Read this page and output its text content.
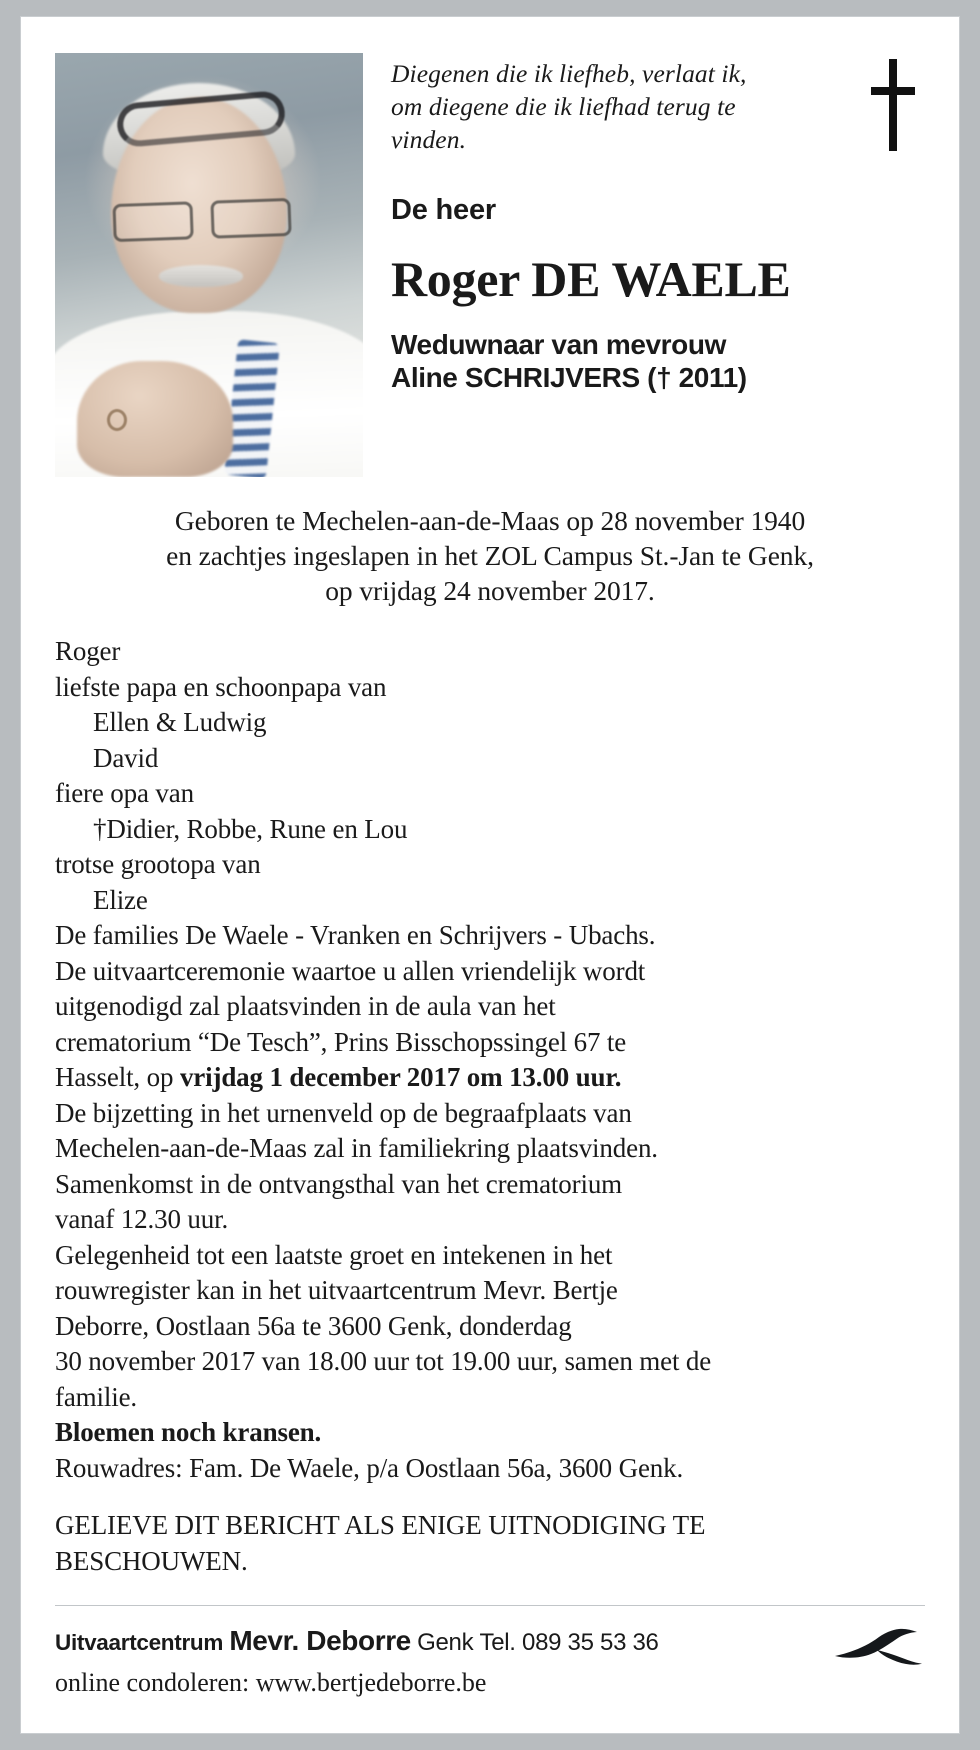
Diegenen die ik liefheb, verlaat ik, om diegene die ik liefhad terug te vinden.
De heer
Roger DE WAELE
Weduwnaar van mevrouw
Aline SCHRIJVERS († 2011)
Geboren te Mechelen-aan-de-Maas op 28 november 1940
en zachtjes ingeslapen in het ZOL Campus St.-Jan te Genk,
op vrijdag 24 november 2017.

Roger

liefste papa en schoonpapa van

Ellen & Ludwig

David

fiere opa van

†Didier, Robbe, Rune en Lou

trotse grootopa van

Elize

De families De Waele - Vranken en Schrijvers - Ubachs.

De uitvaartceremonie waartoe u allen vriendelijk wordt

uitgenodigd zal plaatsvinden in de aula van het

crematorium “De Tesch”, Prins Bisschopssingel 67 te

Hasselt, op vrijdag 1 december 2017 om 13.00 uur.

De bijzetting in het urnenveld op de begraafplaats van

Mechelen-aan-de-Maas zal in familiekring plaatsvinden.

Samenkomst in de ontvangsthal van het crematorium

vanaf 12.30 uur.

Gelegenheid tot een laatste groet en intekenen in het

rouwregister kan in het uitvaartcentrum Mevr. Bertje

Deborre, Oostlaan 56a te 3600 Genk, donderdag

30 november 2017 van 18.00 uur tot 19.00 uur, samen met de

familie.

Bloemen noch kransen.

Rouwadres: Fam. De Waele, p/a Oostlaan 56a, 3600 Genk.

GELIEVE DIT BERICHT ALS ENIGE UITNODIGING TE
BESCHOUWEN.
Uitvaartcentrum Mevr. Deborre Genk Tel. 089 35 53 36
online condoleren: www.bertjedeborre.be
